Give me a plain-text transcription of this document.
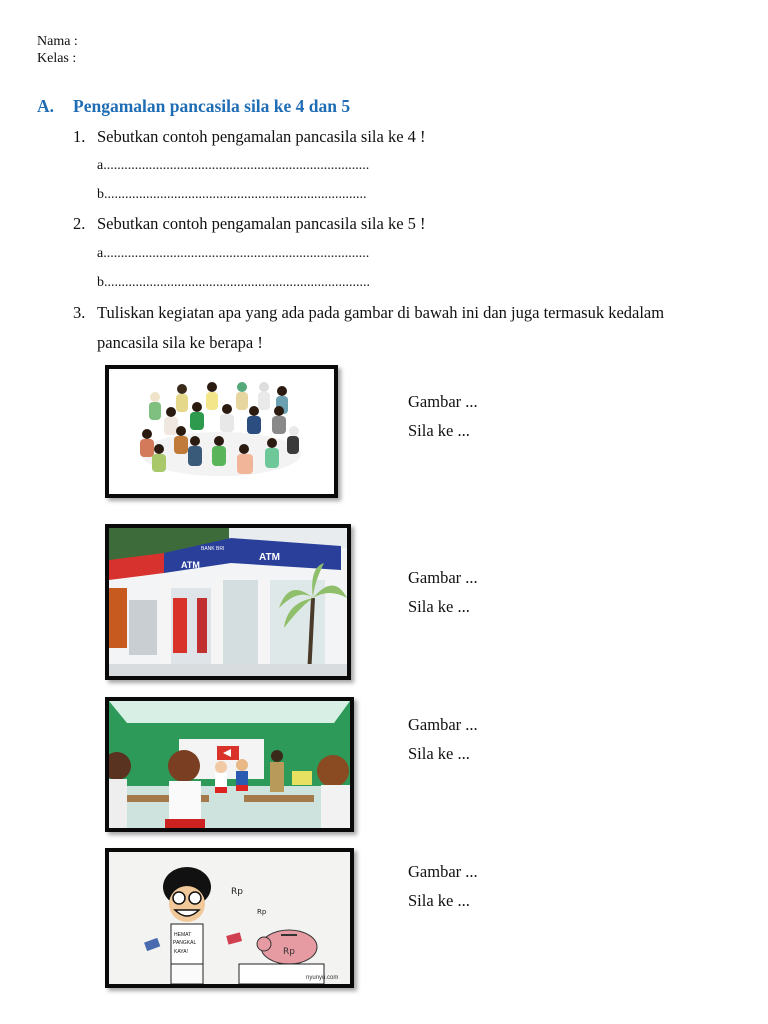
Nama :
Kelas :
A. Pengamalan pancasila sila ke 4 dan 5
1. Sebutkan contoh pengamalan pancasila sila ke 4 !
a............................................................................
b...........................................................................
2. Sebutkan contoh pengamalan pancasila sila ke 5 !
a............................................................................
b............................................................................
3. Tuliskan kegiatan apa yang ada pada gambar di bawah ini dan juga termasuk kedalam
pancasila sila ke berapa !
Gambar ...
Sila ke ...
ATM
ATM
BANK BRI
Gambar ...
Sila ke ...
Gambar ...
Sila ke ...
HEMAT
PANGKAL
KAYA!
Rp
Rp
Rp
nyunyu.com
Gambar ...
Sila ke ...
